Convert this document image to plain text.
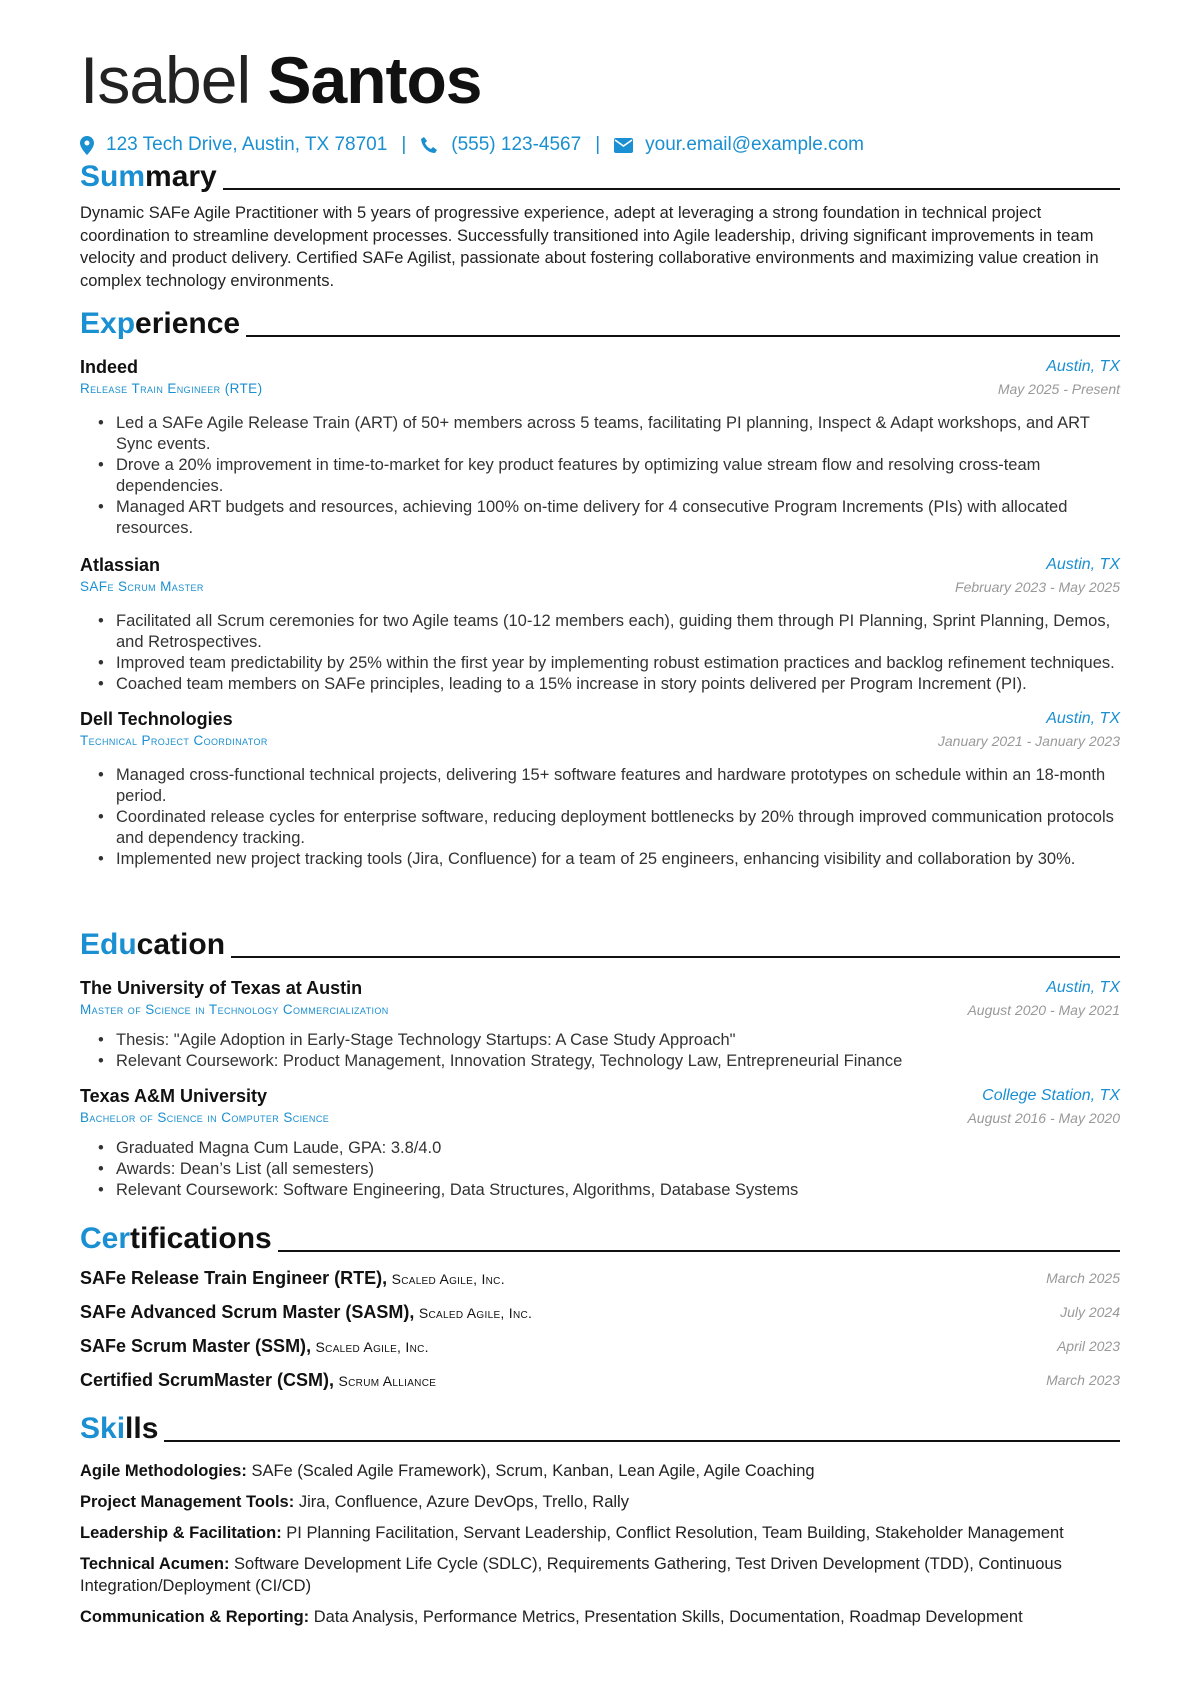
Isabel Santos
123 Tech Drive, Austin, TX 78701 | (555) 123-4567 | your.email@example.com
Summary
Dynamic SAFe Agile Practitioner with 5 years of progressive experience, adept at leveraging a strong foundation in technical project coordination to streamline development processes. Successfully transitioned into Agile leadership, driving significant improvements in team velocity and product delivery. Certified SAFe Agilist, passionate about fostering collaborative environments and maximizing value creation in complex technology environments.
Experience
Indeed	Austin, TX
Release Train Engineer (RTE)	May 2025 - Present
• Led a SAFe Agile Release Train (ART) of 50+ members across 5 teams, facilitating PI planning, Inspect & Adapt workshops, and ART Sync events.
• Drove a 20% improvement in time-to-market for key product features by optimizing value stream flow and resolving cross-team dependencies.
• Managed ART budgets and resources, achieving 100% on-time delivery for 4 consecutive Program Increments (PIs) with allocated resources.
Atlassian	Austin, TX
SAFe Scrum Master	February 2023 - May 2025
• Facilitated all Scrum ceremonies for two Agile teams (10-12 members each), guiding them through PI Planning, Sprint Planning, Demos, and Retrospectives.
• Improved team predictability by 25% within the first year by implementing robust estimation practices and backlog refinement techniques.
• Coached team members on SAFe principles, leading to a 15% increase in story points delivered per Program Increment (PI).
Dell Technologies	Austin, TX
Technical Project Coordinator	January 2021 - January 2023
• Managed cross-functional technical projects, delivering 15+ software features and hardware prototypes on schedule within an 18-month period.
• Coordinated release cycles for enterprise software, reducing deployment bottlenecks by 20% through improved communication protocols and dependency tracking.
• Implemented new project tracking tools (Jira, Confluence) for a team of 25 engineers, enhancing visibility and collaboration by 30%.
Education
The University of Texas at Austin	Austin, TX
Master of Science in Technology Commercialization	August 2020 - May 2021
• Thesis: "Agile Adoption in Early-Stage Technology Startups: A Case Study Approach"
• Relevant Coursework: Product Management, Innovation Strategy, Technology Law, Entrepreneurial Finance
Texas A&M University	College Station, TX
Bachelor of Science in Computer Science	August 2016 - May 2020
• Graduated Magna Cum Laude, GPA: 3.8/4.0
• Awards: Dean’s List (all semesters)
• Relevant Coursework: Software Engineering, Data Structures, Algorithms, Database Systems
Certifications
SAFe Release Train Engineer (RTE), Scaled Agile, Inc.	March 2025
SAFe Advanced Scrum Master (SASM), Scaled Agile, Inc.	July 2024
SAFe Scrum Master (SSM), Scaled Agile, Inc.	April 2023
Certified ScrumMaster (CSM), Scrum Alliance	March 2023
Skills
Agile Methodologies: SAFe (Scaled Agile Framework), Scrum, Kanban, Lean Agile, Agile Coaching
Project Management Tools: Jira, Confluence, Azure DevOps, Trello, Rally
Leadership & Facilitation: PI Planning Facilitation, Servant Leadership, Conflict Resolution, Team Building, Stakeholder Management
Technical Acumen: Software Development Life Cycle (SDLC), Requirements Gathering, Test Driven Development (TDD), Continuous Integration/Deployment (CI/CD)
Communication & Reporting: Data Analysis, Performance Metrics, Presentation Skills, Documentation, Roadmap Development
